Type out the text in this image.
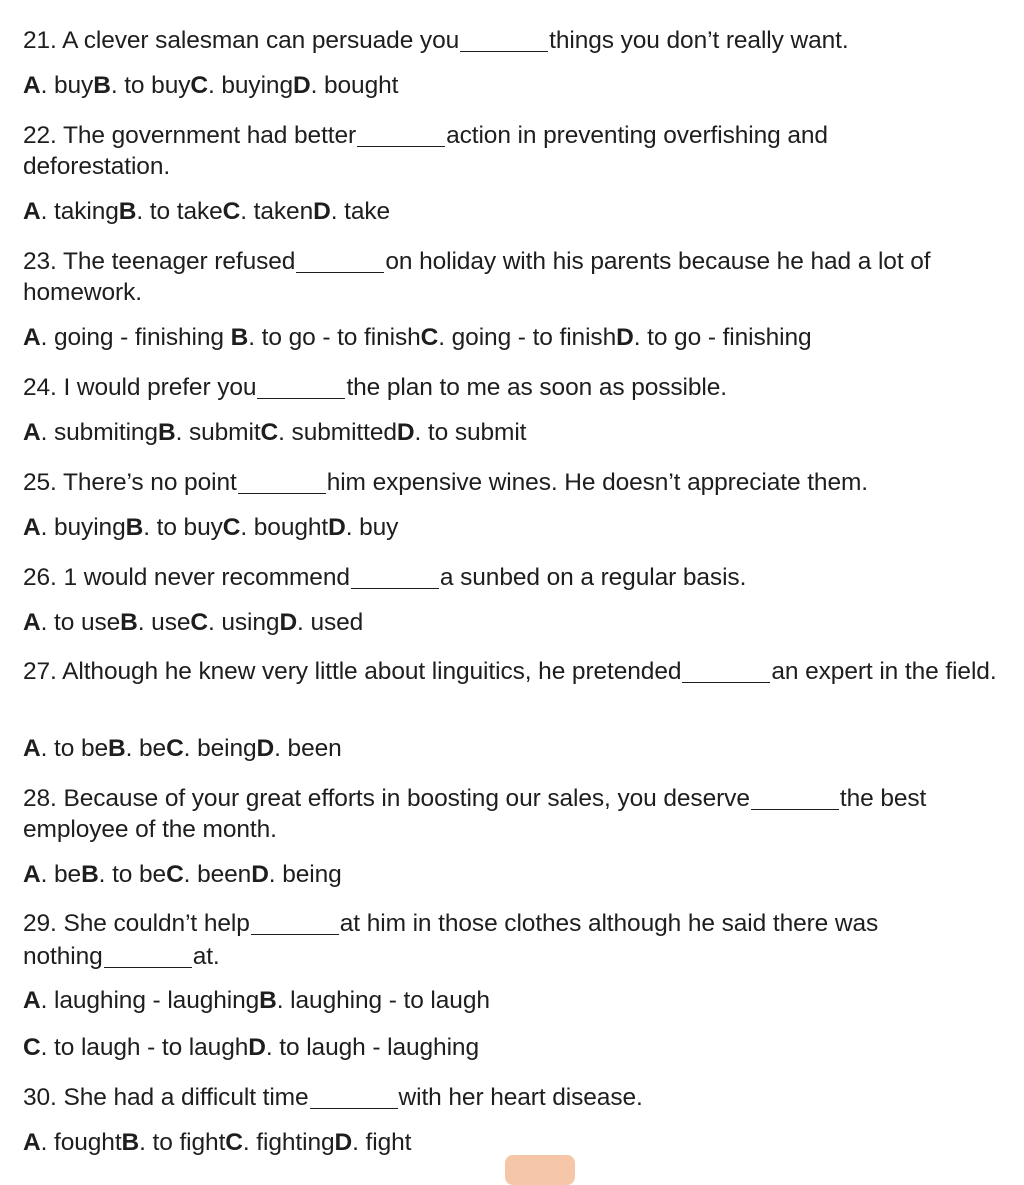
21. A clever salesman can persuade you	things you don’t really want.
A. buyB. to buyC. buyingD. bought
22. The government had better	action in preventing overfishing and deforestation.
A. takingB. to takeC. takenD. take
23. The teenager refused	on holiday with his parents because he had a lot of homework.
A. going - finishing B. to go - to finishC. going - to finishD. to go - finishing
24. I would prefer you	the plan to me as soon as possible.
A. submitingB. submitC. submittedD. to submit
25. There’s no point	him expensive wines. He doesn’t appreciate them.
A. buyingB. to buyC. boughtD. buy
26. 1 would never recommend	a sunbed on a regular basis.
A. to useB. useC. usingD. used
27. Although he knew very little about linguitics, he pretended	an expert in the field.
A. to beB. beC. beingD. been
28. Because of your great efforts in boosting our sales, you deserve	the best employee of the month.
A. beB. to beC. beenD. being
29. She couldn’t help	at him in those clothes although he said there was nothing	at.
A. laughing - laughingB. laughing - to laugh
C. to laugh - to laughD. to laugh - laughing
30. She had a difficult time	with her heart disease.
A. foughtB. to fightC. fightingD. fight
